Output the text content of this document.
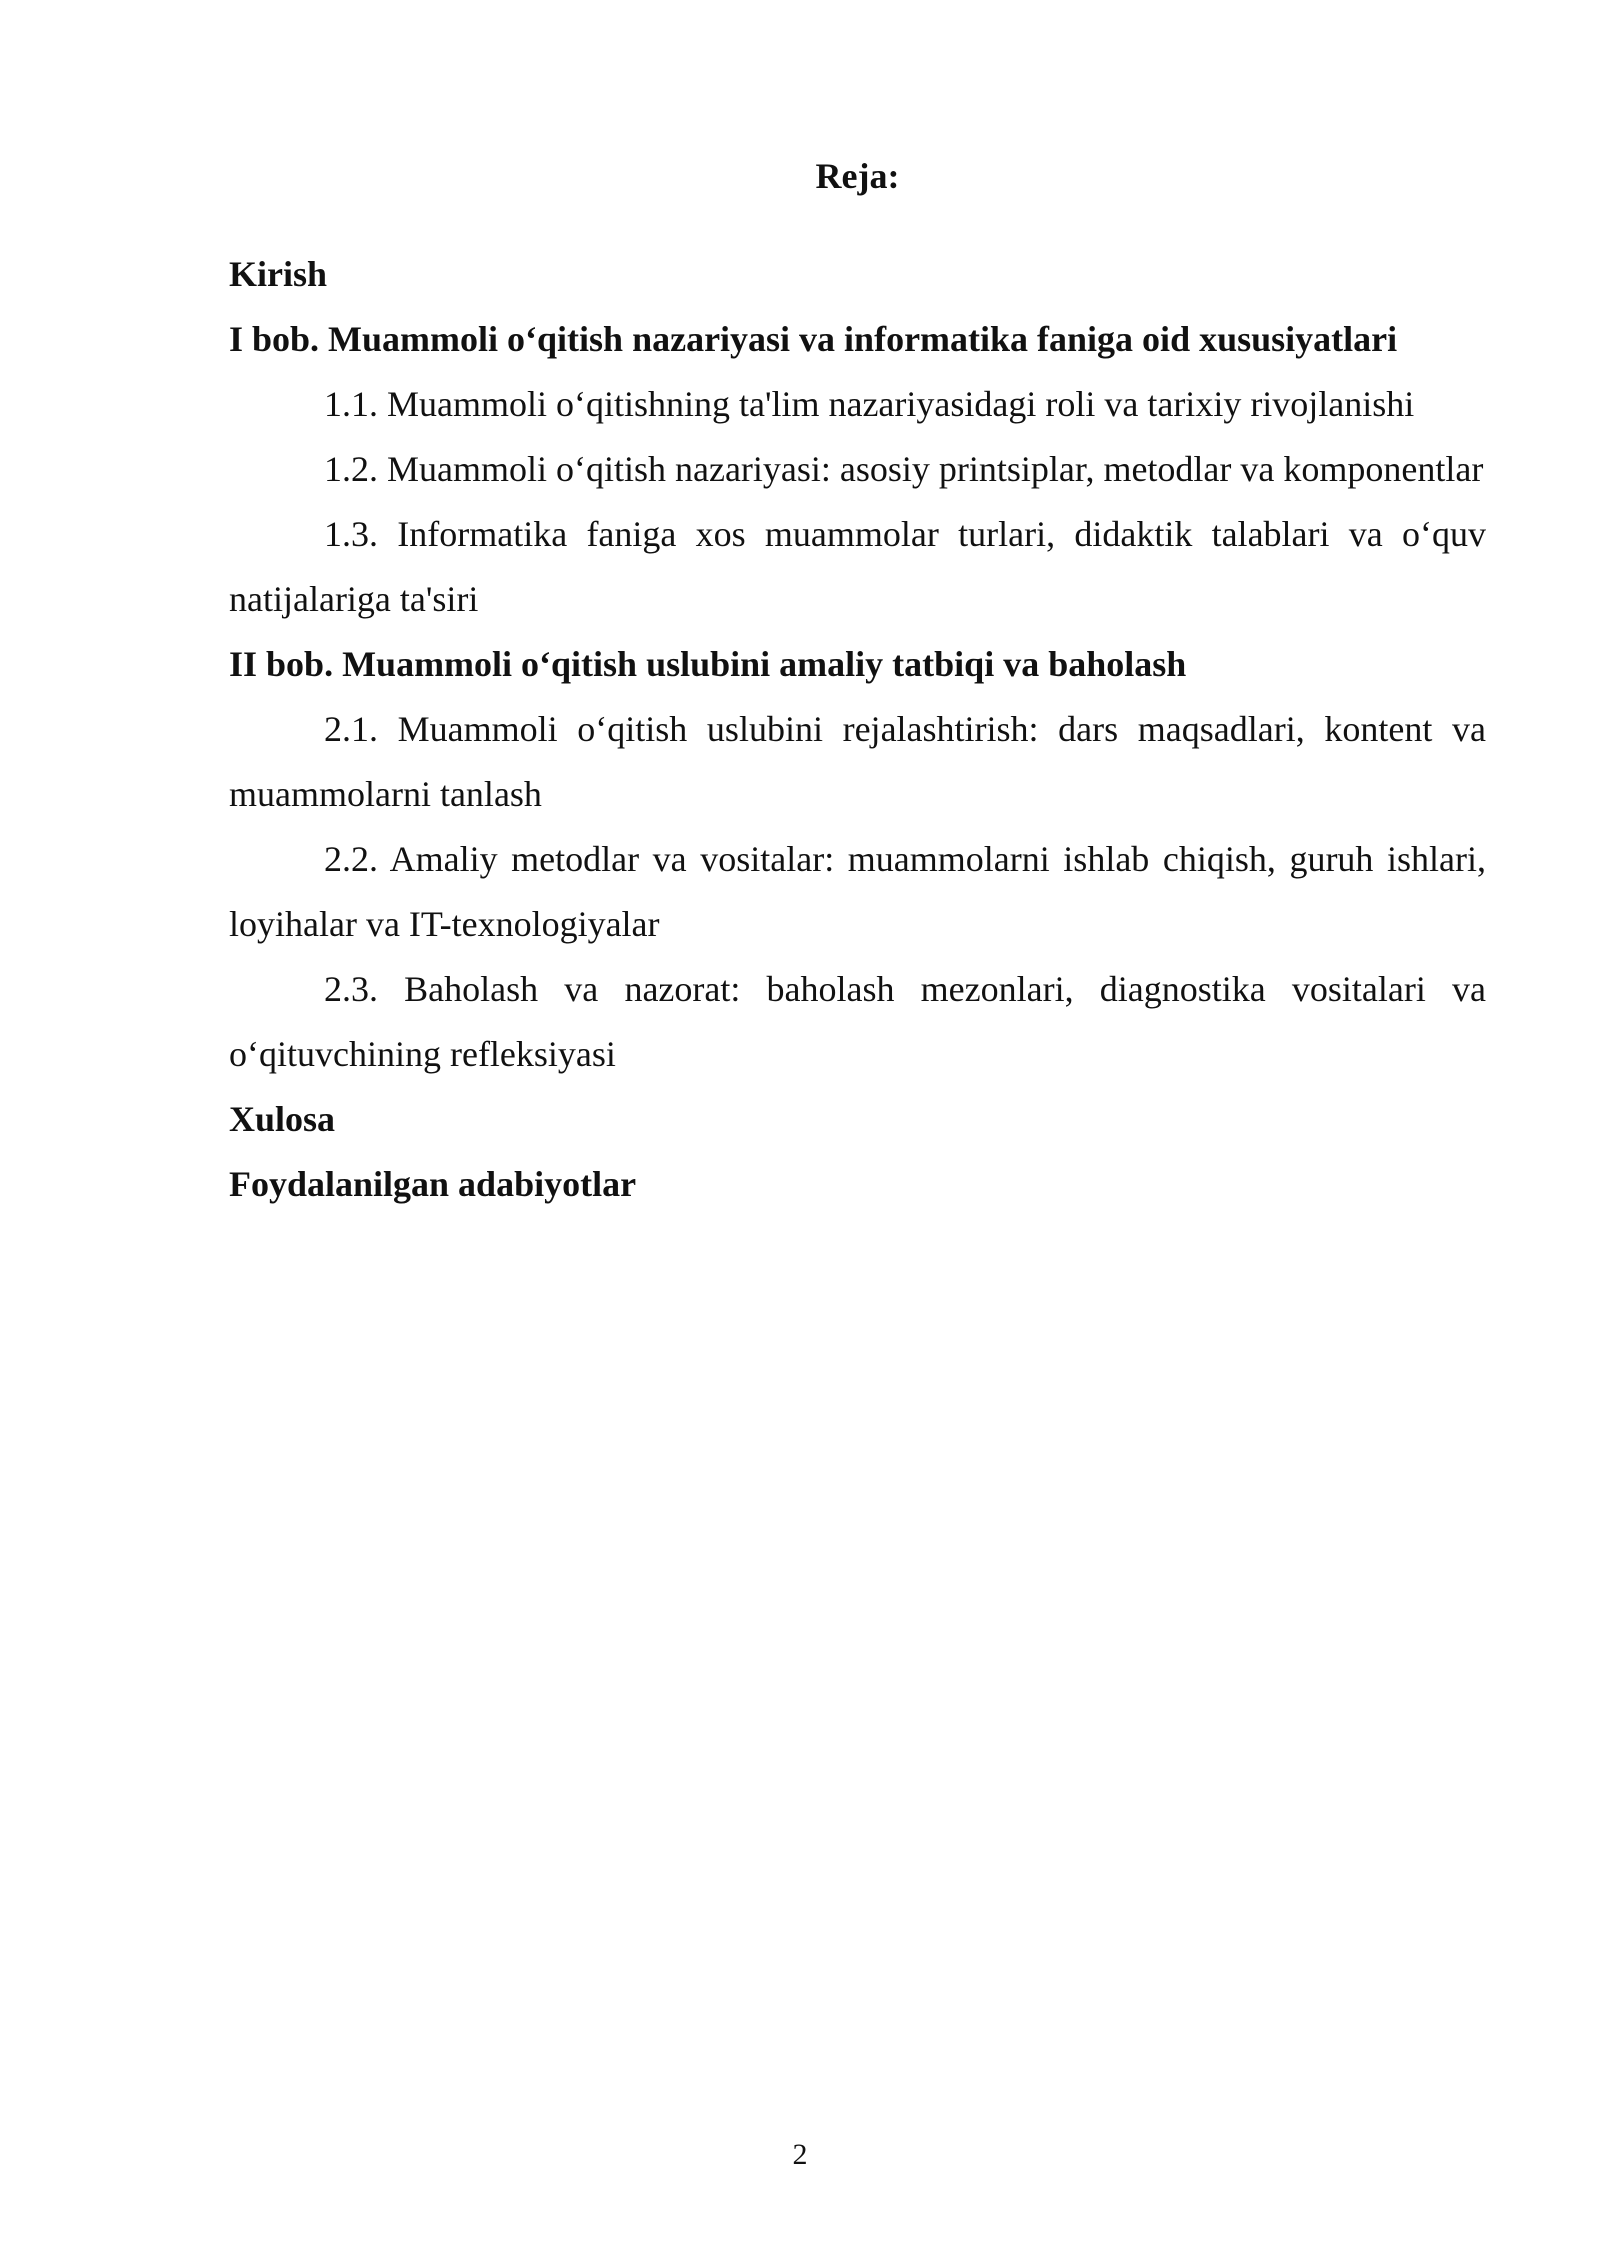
Reja:

Kirish

I bob. Muammoli o‘qitish nazariyasi va informatika faniga oid xususiyatlari

1.1. Muammoli o‘qitishning ta'lim nazariyasidagi roli va tarixiy rivojlanishi

1.2. Muammoli o‘qitish nazariyasi: asosiy printsiplar, metodlar va komponentlar

1.3. Informatika faniga xos muammolar turlari, didaktik talablari va o‘quv natijalariga ta'siri

II bob. Muammoli o‘qitish uslubini amaliy tatbiqi va baholash

2.1. Muammoli o‘qitish uslubini rejalashtirish: dars maqsadlari, kontent va muammolarni tanlash

2.2. Amaliy metodlar va vositalar: muammolarni ishlab chiqish, guruh ishlari, loyihalar va IT-texnologiyalar

2.3. Baholash va nazorat: baholash mezonlari, diagnostika vositalari va o‘qituvchining refleksiyasi

Xulosa

Foydalanilgan adabiyotlar

2
